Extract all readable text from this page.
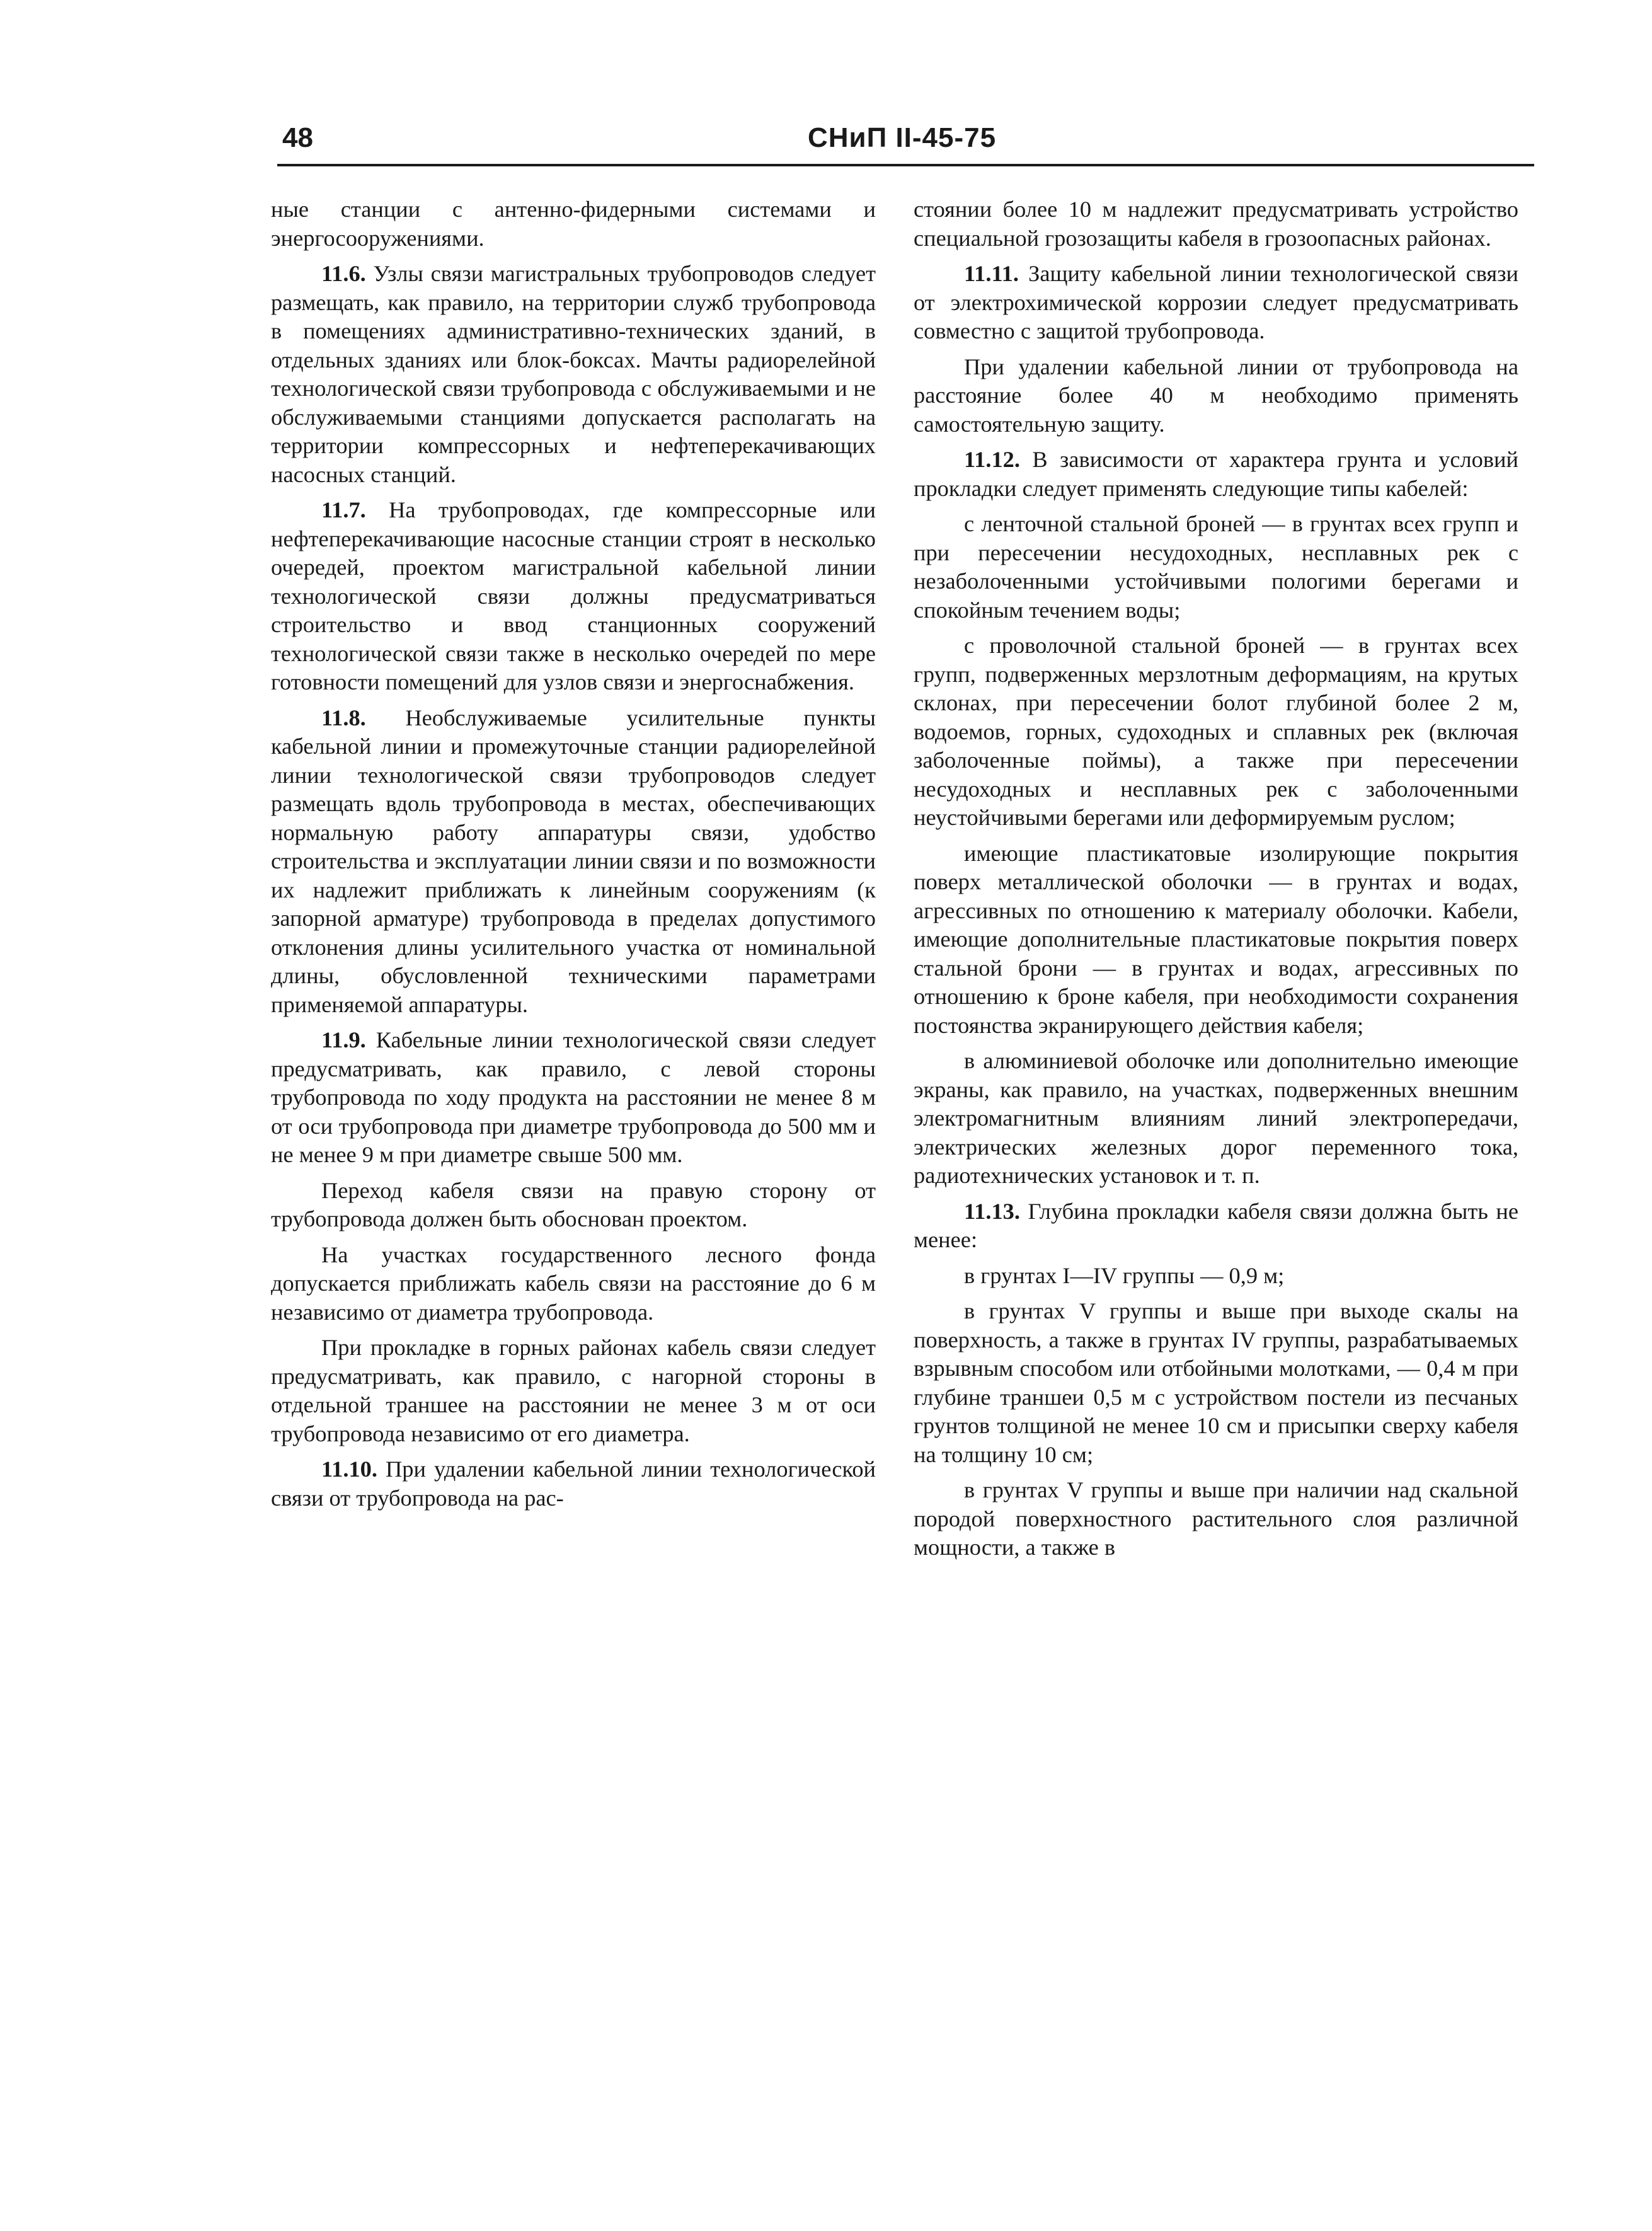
48	СНиП II-45-75

ные станции с антенно-фидерными системами и энергосооружениями.

11.6. Узлы связи магистральных трубопроводов следует размещать, как правило, на территории служб трубопровода в помещениях административно-технических зданий, в отдельных зданиях или блок-боксах. Мачты радиорелейной технологической связи трубопровода с обслуживаемыми и не обслуживаемыми станциями допускается располагать на территории компрессорных и нефтеперекачивающих насосных станций.

11.7. На трубопроводах, где компрессорные или нефтеперекачивающие насосные станции строят в несколько очередей, проектом магистральной кабельной линии технологической связи должны предусматриваться строительство и ввод станционных сооружений технологической связи также в несколько очередей по мере готовности помещений для узлов связи и энергоснабжения.

11.8. Необслуживаемые усилительные пункты кабельной линии и промежуточные станции радиорелейной линии технологической связи трубопроводов следует размещать вдоль трубопровода в местах, обеспечивающих нормальную работу аппаратуры связи, удобство строительства и эксплуатации линии связи и по возможности их надлежит приближать к линейным сооружениям (к запорной арматуре) трубопровода в пределах допустимого отклонения длины усилительного участка от номинальной длины, обусловленной техническими параметрами применяемой аппаратуры.

11.9. Кабельные линии технологической связи следует предусматривать, как правило, с левой стороны трубопровода по ходу продукта на расстоянии не менее 8 м от оси трубопровода при диаметре трубопровода до 500 мм и не менее 9 м при диаметре свыше 500 мм.

Переход кабеля связи на правую сторону от трубопровода должен быть обоснован проектом.

На участках государственного лесного фонда допускается приближать кабель связи на расстояние до 6 м независимо от диаметра трубопровода.

При прокладке в горных районах кабель связи следует предусматривать, как правило, с нагорной стороны в отдельной траншее на расстоянии не менее 3 м от оси трубопровода независимо от его диаметра.

11.10. При удалении кабельной линии технологической связи от трубопровода на рас-

стоянии более 10 м надлежит предусматривать устройство специальной грозозащиты кабеля в грозоопасных районах.

11.11. Защиту кабельной линии технологической связи от электрохимической коррозии следует предусматривать совместно с защитой трубопровода.

При удалении кабельной линии от трубопровода на расстояние более 40 м необходимо применять самостоятельную защиту.

11.12. В зависимости от характера грунта и условий прокладки следует применять следующие типы кабелей:

с ленточной стальной броней — в грунтах всех групп и при пересечении несудоходных, несплавных рек с незаболоченными устойчивыми пологими берегами и спокойным течением воды;

с проволочной стальной броней — в грунтах всех групп, подверженных мерзлотным деформациям, на крутых склонах, при пересечении болот глубиной более 2 м, водоемов, горных, судоходных и сплавных рек (включая заболоченные поймы), а также при пересечении несудоходных и несплавных рек с заболоченными неустойчивыми берегами или деформируемым руслом;

имеющие пластикатовые изолирующие покрытия поверх металлической оболочки — в грунтах и водах, агрессивных по отношению к материалу оболочки. Кабели, имеющие дополнительные пластикатовые покрытия поверх стальной брони — в грунтах и водах, агрессивных по отношению к броне кабеля, при необходимости сохранения постоянства экранирующего действия кабеля;

в алюминиевой оболочке или дополнительно имеющие экраны, как правило, на участках, подверженных внешним электромагнитным влияниям линий электропередачи, электрических железных дорог переменного тока, радиотехнических установок и т. п.

11.13. Глубина прокладки кабеля связи должна быть не менее:

в грунтах I—IV группы — 0,9 м;

в грунтах V группы и выше при выходе скалы на поверхность, а также в грунтах IV группы, разрабатываемых взрывным способом или отбойными молотками, — 0,4 м при глубине траншеи 0,5 м с устройством постели из песчаных грунтов толщиной не менее 10 см и присыпки сверху кабеля на толщину 10 см;

в грунтах V группы и выше при наличии над скальной породой поверхностного растительного слоя различной мощности, а также в
